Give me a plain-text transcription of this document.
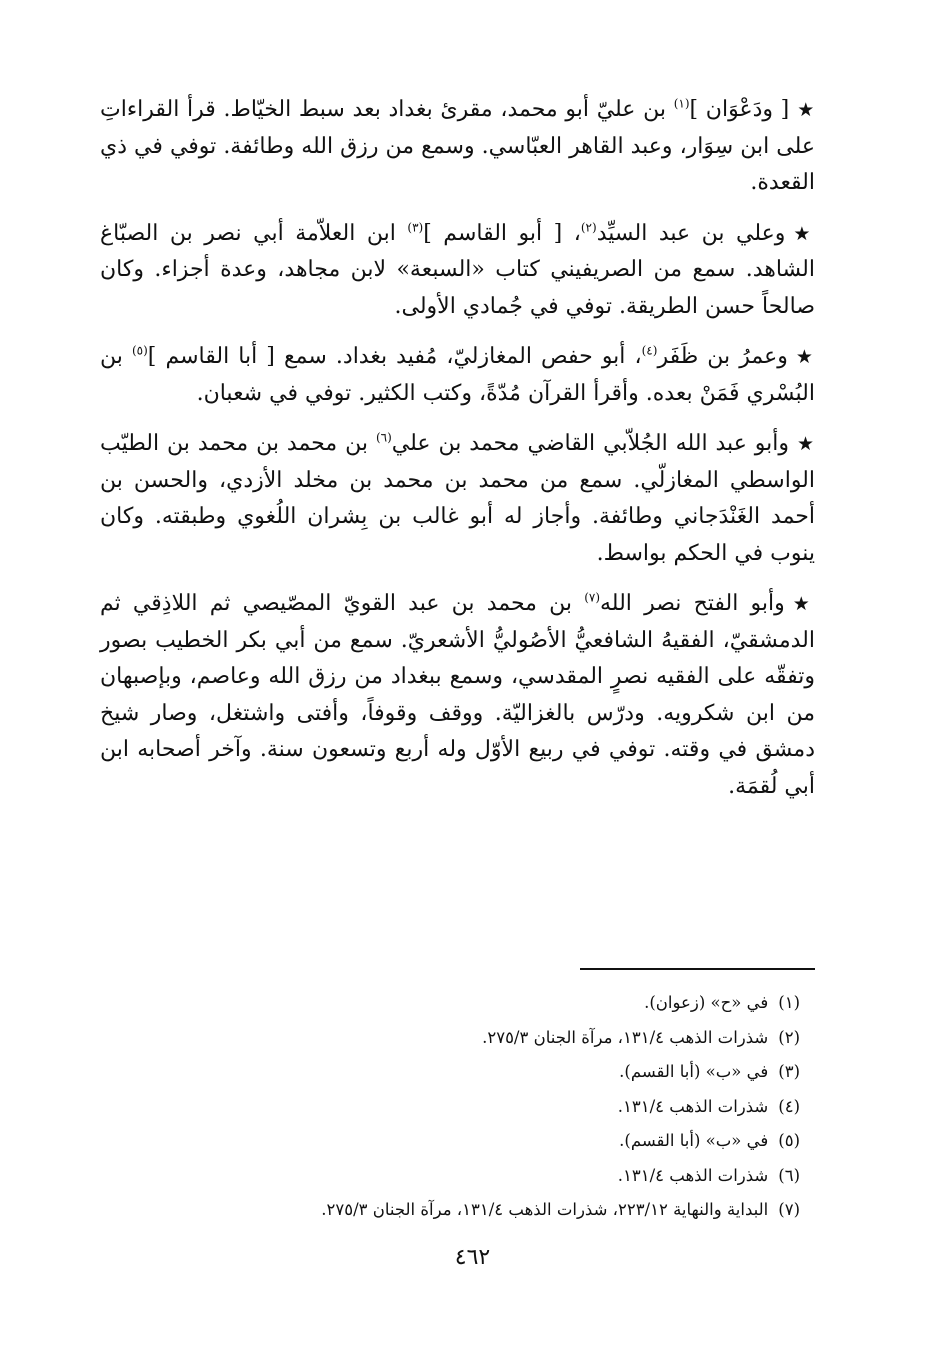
★[ ودَعْوَان ]$^{(١)}$ بن عليّ أبو محمد، مقرئ بغداد بعد سبط الخيّاط. قرأ القراءاتِ على ابن سِوَار، وعبد القاهر العبّاسي. وسمع من رزق الله وطائفة. توفي في ذي القعدة.

★وعلي بن عبد السيِّد$^{(٢)}$، [ أبو القاسم ]$^{(٣)}$ ابن العلاّمة أبي نصر بن الصبّاغ الشاهد. سمع من الصريفيني كتاب «السبعة» لابن مجاهد، وعدة أجزاء. وكان صالحاً حسن الطريقة. توفي في جُمادي الأولى.

★وعمرُ بن ظَفَر$^{(٤)}$، أبو حفص المغازليّ، مُفيد بغداد. سمع [ أبا القاسم ]$^{(٥)}$ بن البُسْري فَمَنْ بعده. وأقرأ القرآن مُدّةً، وكتب الكثير. توفي في شعبان.

★وأبو عبد الله الجُلاّبي القاضي محمد بن علي$^{(٦)}$ بن محمد بن محمد بن الطيّب الواسطي المغازلّي. سمع من محمد بن محمد بن مخلد الأزدي، والحسن بن أحمد الغَنْدَجاني وطائفة. وأجاز له أبو غالب بن بِشران اللُغوي وطبقته. وكان ينوب في الحكم بواسط.

★وأبو الفتح نصر الله$^{(٧)}$ بن محمد بن عبد القويّ المصّيصي ثم اللاذِقي ثم الدمشقيّ، الفقيهُ الشافعيُّ الأصُوليُّ الأشعريّ. سمع من أبي بكر الخطيب بصور وتفقّه على الفقيه نصرٍ المقدسي، وسمع ببغداد من رزق الله وعاصم، وبإصبهان من ابن شكرويه. ودرّس بالغزاليّة. ووقف وقوفاً، وأفتى واشتغل، وصار شيخ دمشق في وقته. توفي في ربيع الأوّل وله أربع وتسعون سنة. وآخر أصحابه ابن أبي لُقمَة.

(١)في «ح» (زعوان).
(٢)شذرات الذهب ١٣١/٤، مرآة الجنان ٢٧٥/٣.
(٣)في «ب» (أبا القسم).
(٤)شذرات الذهب ١٣١/٤.
(٥)في «ب» (أبا القسم).
(٦)شذرات الذهب ١٣١/٤.
(٧)البداية والنهاية ٢٢٣/١٢، شذرات الذهب ١٣١/٤، مرآة الجنان ٢٧٥/٣.
٤٦٢
